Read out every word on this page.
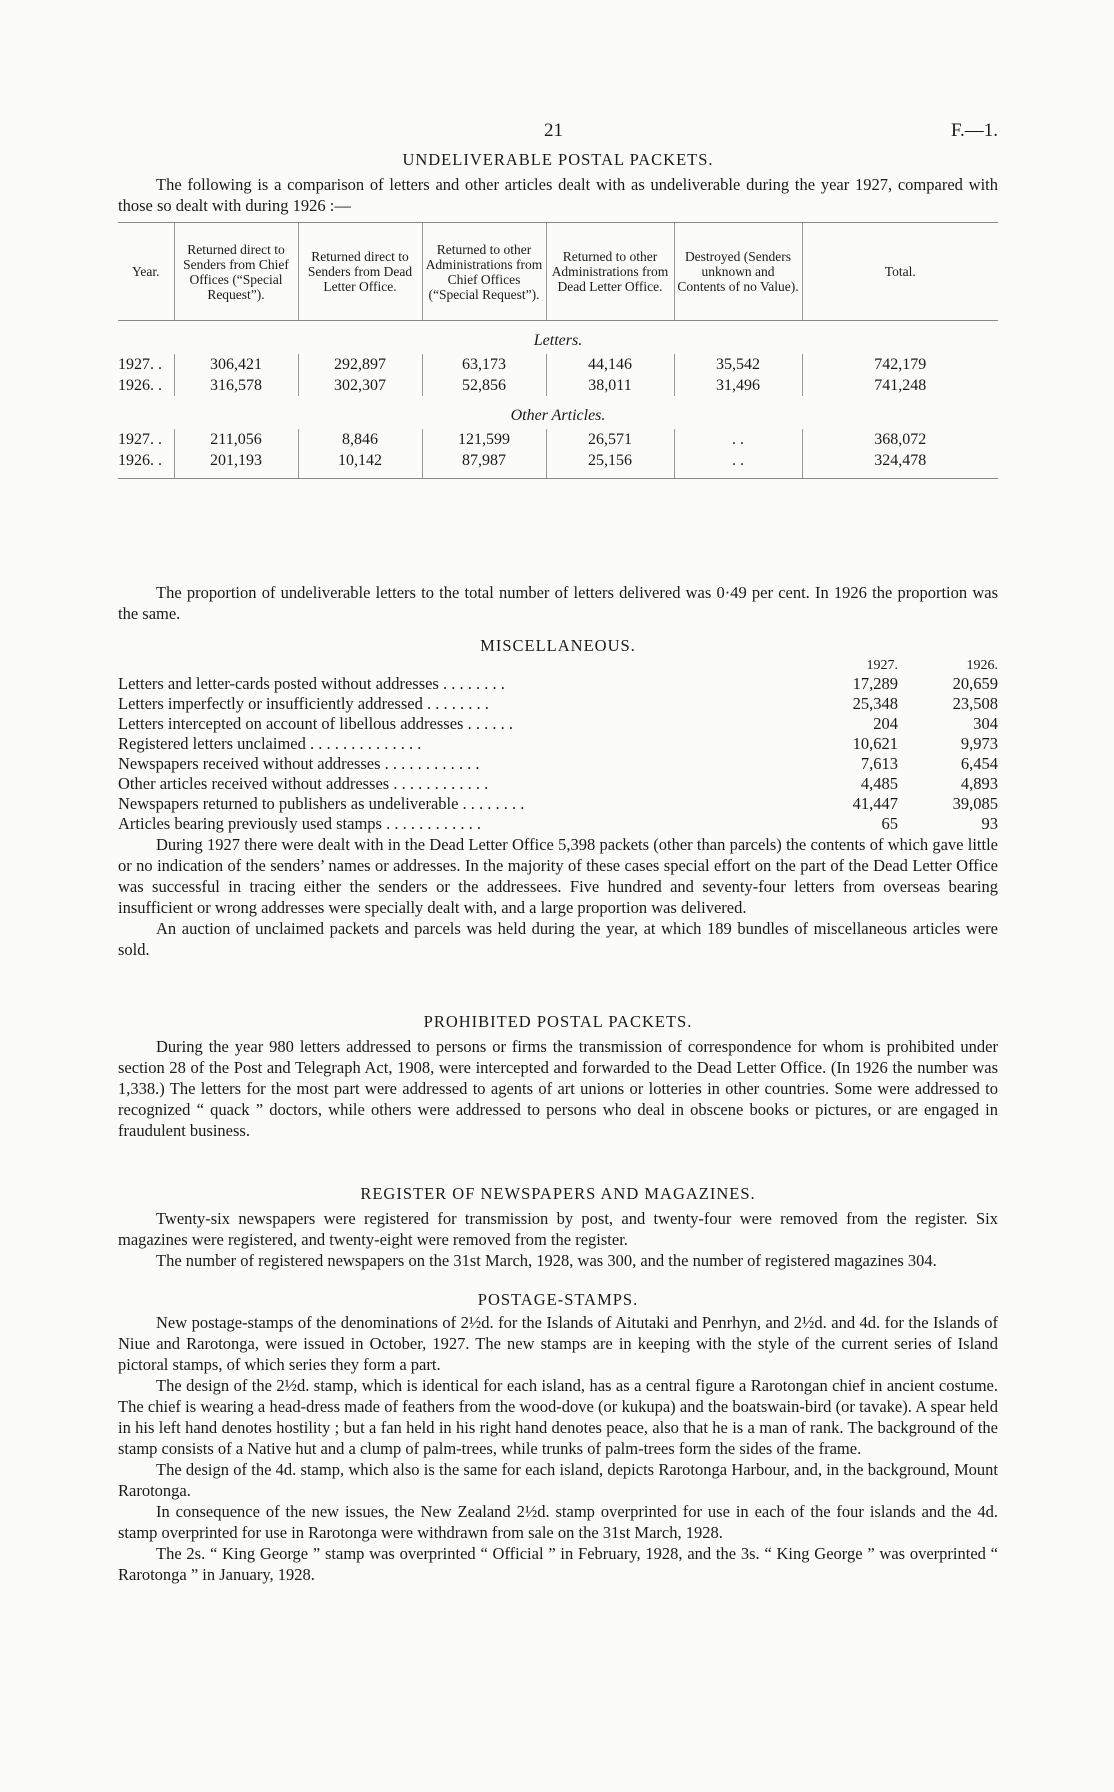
21	F.—1.
UNDELIVERABLE POSTAL PACKETS.

The following is a comparison of letters and other articles dealt with as undeliverable during the year 1927, compared with those so dealt with during 1926 :—

Year.	Returned direct to Senders from Chief Offices (“Special Request”).	Returned direct to Senders from Dead Letter Office.	Returned to other Administrations from Chief Offices (“Special Request”).	Returned to other Administrations from Dead Letter Office.	Destroyed (Senders unknown and Contents of no Value).	Total.
Letters.						
1927. .	306,421	292,897	63,173	44,146	35,542	742,179
1926. .	316,578	302,307	52,856	38,011	31,496	741,248
Other Articles.						
1927. .	211,056	8,846	121,599	26,571	. .	368,072
1926. .	201,193	10,142	87,987	25,156	. .	324,478

The proportion of undeliverable letters to the total number of letters delivered was 0·49 per cent. In 1926 the proportion was the same.

MISCELLANEOUS.
	1927.	1926.
Letters and letter-cards posted without addresses . . . . . . . .	17,289	20,659
Letters imperfectly or insufficiently addressed . . . . . . . .	25,348	23,508
Letters intercepted on account of libellous addresses . . . . . .	204	304
Registered letters unclaimed . . . . . . . . . . . . . .	10,621	9,973
Newspapers received without addresses . . . . . . . . . . . .	7,613	6,454
Other articles received without addresses . . . . . . . . . . . .	4,485	4,893
Newspapers returned to publishers as undeliverable . . . . . . . .	41,447	39,085
Articles bearing previously used stamps . . . . . . . . . . . .	65	93

During 1927 there were dealt with in the Dead Letter Office 5,398 packets (other than parcels) the contents of which gave little or no indication of the senders’ names or addresses. In the majority of these cases special effort on the part of the Dead Letter Office was successful in tracing either the senders or the addressees. Five hundred and seventy-four letters from overseas bearing insufficient or wrong addresses were specially dealt with, and a large proportion was delivered.

An auction of unclaimed packets and parcels was held during the year, at which 189 bundles of miscellaneous articles were sold.

PROHIBITED POSTAL PACKETS.

During the year 980 letters addressed to persons or firms the transmission of correspondence for whom is prohibited under section 28 of the Post and Telegraph Act, 1908, were intercepted and forwarded to the Dead Letter Office. (In 1926 the number was 1,338.) The letters for the most part were addressed to agents of art unions or lotteries in other countries. Some were addressed to recognized “ quack ” doctors, while others were addressed to persons who deal in obscene books or pictures, or are engaged in fraudulent business.

REGISTER OF NEWSPAPERS AND MAGAZINES.

Twenty-six newspapers were registered for transmission by post, and twenty-four were removed from the register. Six magazines were registered, and twenty-eight were removed from the register.

The number of registered newspapers on the 31st March, 1928, was 300, and the number of registered magazines 304.

POSTAGE-STAMPS.

New postage-stamps of the denominations of 2½d. for the Islands of Aitutaki and Penrhyn, and 2½d. and 4d. for the Islands of Niue and Rarotonga, were issued in October, 1927. The new stamps are in keeping with the style of the current series of Island pictoral stamps, of which series they form a part.

The design of the 2½d. stamp, which is identical for each island, has as a central figure a Rarotongan chief in ancient costume. The chief is wearing a head-dress made of feathers from the wood-dove (or kukupa) and the boatswain-bird (or tavake). A spear held in his left hand denotes hostility ; but a fan held in his right hand denotes peace, also that he is a man of rank. The background of the stamp consists of a Native hut and a clump of palm-trees, while trunks of palm-trees form the sides of the frame.

The design of the 4d. stamp, which also is the same for each island, depicts Rarotonga Harbour, and, in the background, Mount Rarotonga.

In consequence of the new issues, the New Zealand 2½d. stamp overprinted for use in each of the four islands and the 4d. stamp overprinted for use in Rarotonga were withdrawn from sale on the 31st March, 1928.

The 2s. “ King George ” stamp was overprinted “ Official ” in February, 1928, and the 3s. “ King George ” was overprinted “ Rarotonga ” in January, 1928.
